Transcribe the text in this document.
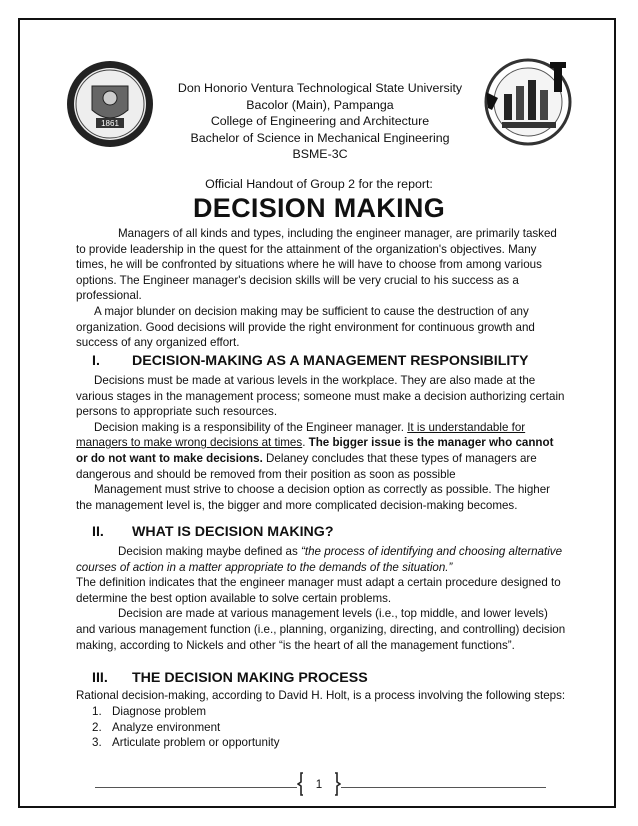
1861
Don Honorio Ventura Technological State University
Bacolor (Main), Pampanga
College of Engineering and Architecture
Bachelor of Science in Mechanical Engineering
BSME-3C
Official Handout of Group 2 for the report:
DECISION MAKING

Managers of all kinds and types, including the engineer manager, are primarily tasked to provide leadership in the quest for the attainment of the organization's objectives. Many times, he will be confronted by situations where he will have to choose from among various options. The Engineer manager's decision skills will be very crucial to his success as a professional.

A major blunder on decision making may be sufficient to cause the destruction of any organization. Good decisions will provide the right environment for continuous growth and success of any organized effort.

I. DECISION-MAKING AS A MANAGEMENT RESPONSIBILITY

Decisions must be made at various levels in the workplace. They are also made at the various stages in the management process; someone must make a decision authorizing certain persons to appropriate such resources.

Decision making is a responsibility of the Engineer manager. It is understandable for managers to make wrong decisions at times. The bigger issue is the manager who cannot or do not want to make decisions. Delaney concludes that these types of managers are dangerous and should be removed from their position as soon as possible

Management must strive to choose a decision option as correctly as possible. The higher the management level is, the bigger and more complicated decision-making becomes.

II. WHAT IS DECISION MAKING?

Decision making maybe defined as “the process of identifying and choosing alternative courses of action in a matter appropriate to the demands of the situation.”

The definition indicates that the engineer manager must adapt a certain procedure designed to determine the best option available to solve certain problems.

Decision are made at various management levels (i.e., top middle, and lower levels) and various management function (i.e., planning, organizing, directing, and controlling) decision making, according to Nickels and other “is the heart of all the management functions”.

III. THE DECISION MAKING PROCESS

Rational decision-making, according to David H. Holt, is a process involving the following steps:

1. Diagnose problem
2. Analyze environment
3. Articulate problem or opportunity
1
